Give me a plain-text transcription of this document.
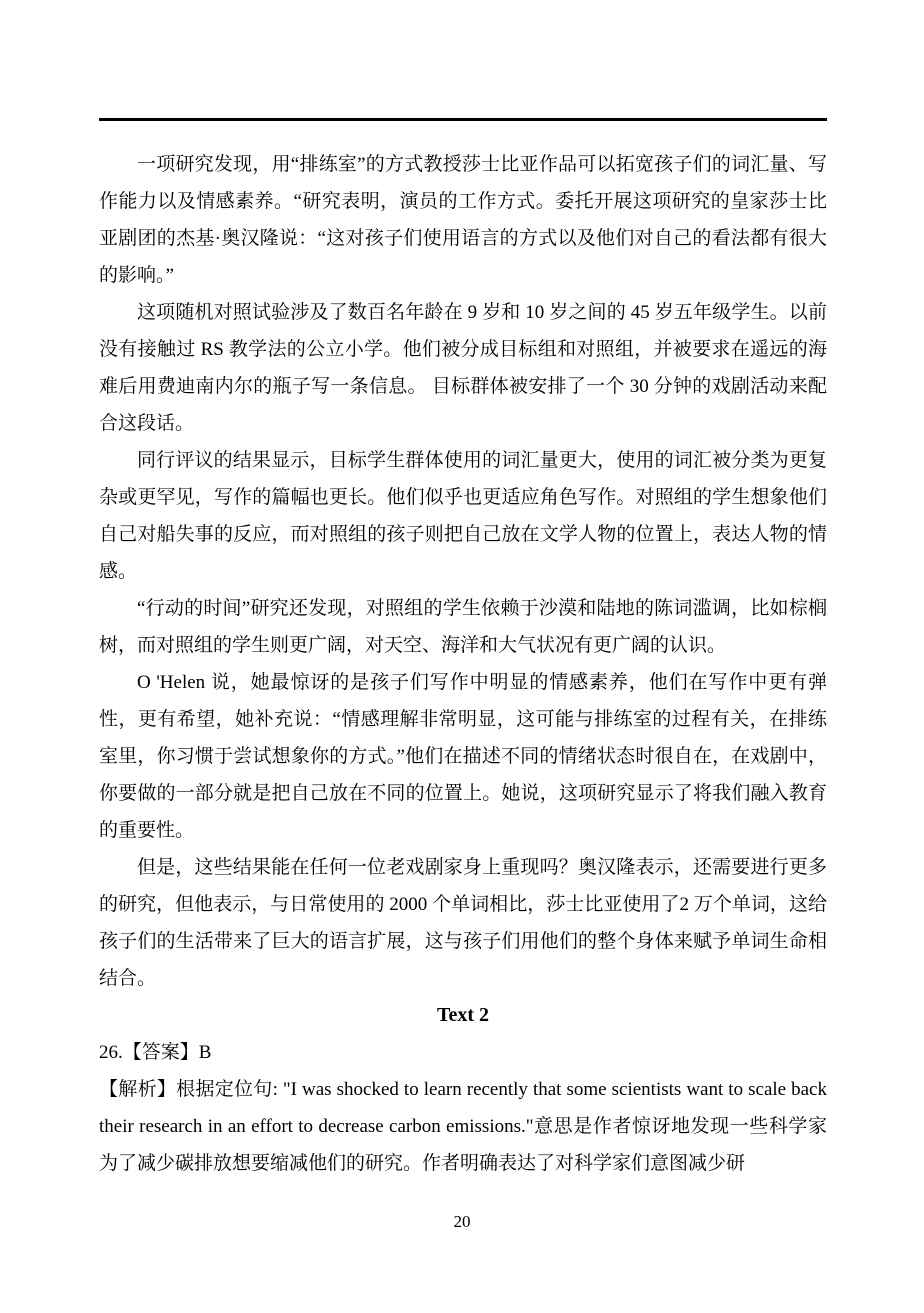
一项研究发现，用“排练室”的方式教授莎士比亚作品可以拓宽孩子们的词汇量、写作能力以及情感素养。“研究表明，演员的工作方式。委托开展这项研究的皇家莎士比亚剧团的杰基·奥汉隆说：“这对孩子们使用语言的方式以及他们对自己的看法都有很大的影响。”

这项随机对照试验涉及了数百名年龄在 9 岁和 10 岁之间的 45 岁五年级学生。以前没有接触过 RS 教学法的公立小学。他们被分成目标组和对照组，并被要求在遥远的海难后用费迪南内尔的瓶子写一条信息。 目标群体被安排了一个 30 分钟的戏剧活动来配合这段话。

同行评议的结果显示，目标学生群体使用的词汇量更大，使用的词汇被分类为更复杂或更罕见，写作的篇幅也更长。他们似乎也更适应角色写作。对照组的学生想象他们自己对船失事的反应，而对照组的孩子则把自己放在文学人物的位置上，表达人物的情感。

“行动的时间”研究还发现，对照组的学生依赖于沙漠和陆地的陈词滥调，比如棕榈树，而对照组的学生则更广阔，对天空、海洋和大气状况有更广阔的认识。

O 'Helen 说，她最惊讶的是孩子们写作中明显的情感素养，他们在写作中更有弹性，更有希望，她补充说：“情感理解非常明显，这可能与排练室的过程有关，在排练室里，你习惯于尝试想象你的方式。”他们在描述不同的情绪状态时很自在，在戏剧中，你要做的一部分就是把自己放在不同的位置上。她说，这项研究显示了将我们融入教育的重要性。

但是，这些结果能在任何一位老戏剧家身上重现吗？奥汉隆表示，还需要进行更多的研究，但他表示，与日常使用的 2000 个单词相比，莎士比亚使用了2 万个单词，这给孩子们的生活带来了巨大的语言扩展，这与孩子们用他们的整个身体来赋予单词生命相结合。

Text 2

26.【答案】B

【解析】根据定位句: "I was shocked to learn recently that some scientists want to scale back their research in an effort to decrease carbon emissions."意思是作者惊讶地发现一些科学家为了减少碳排放想要缩减他们的研究。作者明确表达了对科学家们意图减少研

20
